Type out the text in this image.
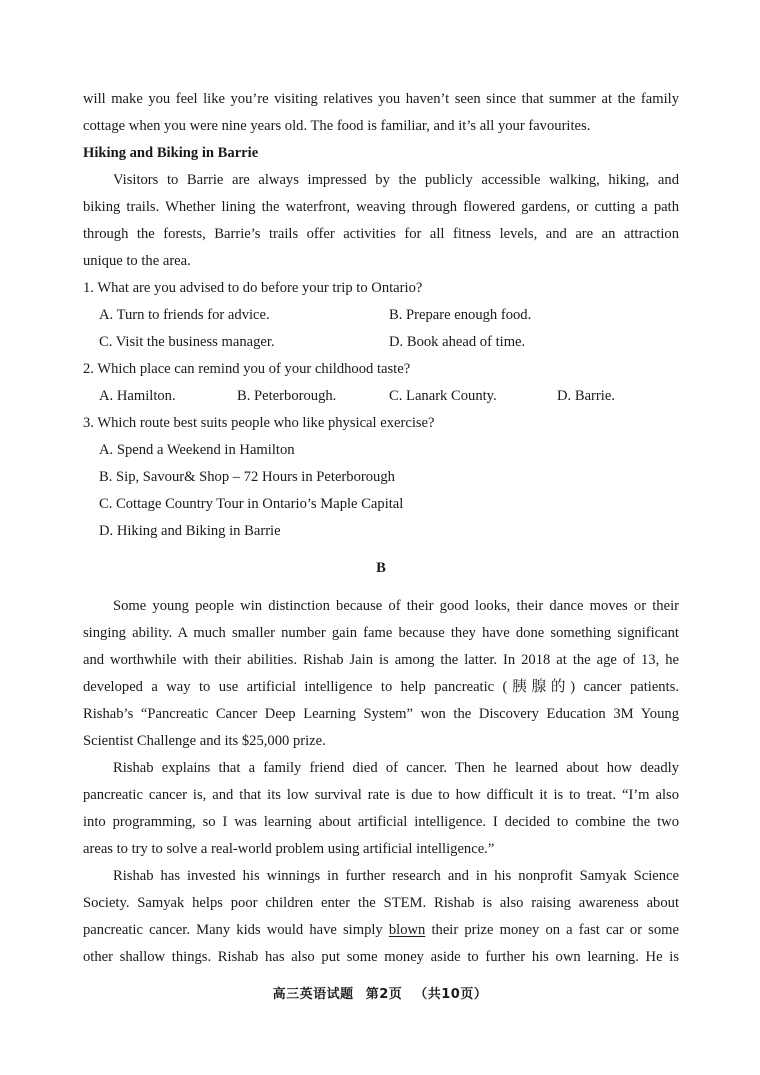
will make you feel like you’re visiting relatives you haven’t seen since that summer at the family
cottage when you were nine years old. The food is familiar, and it’s all your favourites.
Hiking and Biking in Barrie
Visitors to Barrie are always impressed by the publicly accessible walking, hiking, and
biking trails. Whether lining the waterfront, weaving through flowered gardens, or cutting a path
through the forests, Barrie’s trails offer activities for all fitness levels, and are an attraction
unique to the area.
1. What are you advised to do before your trip to Ontario?
A. Turn to friends for advice.	B. Prepare enough food.
C. Visit the business manager.	D. Book ahead of time.
2. Which place can remind you of your childhood taste?
A. Hamilton.	B. Peterborough.	C. Lanark County.	D. Barrie.
3. Which route best suits people who like physical exercise?
A. Spend a Weekend in Hamilton
B. Sip, Savour& Shop – 72 Hours in Peterborough
C. Cottage Country Tour in Ontario’s Maple Capital
D. Hiking and Biking in Barrie
B
Some young people win distinction because of their good looks, their dance moves or their
singing ability. A much smaller number gain fame because they have done something significant
and worthwhile with their abilities. Rishab Jain is among the latter. In 2018 at the age of 13, he
developed a way to use artificial intelligence to help pancreatic (胰腺的) cancer patients.
Rishab’s “Pancreatic Cancer Deep Learning System” won the Discovery Education 3M Young
Scientist Challenge and its $25,000 prize.
Rishab explains that a family friend died of cancer. Then he learned about how deadly
pancreatic cancer is, and that its low survival rate is due to how difficult it is to treat. “I’m also
into programming, so I was learning about artificial intelligence. I decided to combine the two
areas to try to solve a real-world problem using artificial intelligence.”
Rishab has invested his winnings in further research and in his nonprofit Samyak Science
Society. Samyak helps poor children enter the STEM. Rishab is also raising awareness about
pancreatic cancer. Many kids would have simply blown their prize money on a fast car or some
other shallow things. Rishab has also put some money aside to further his own learning. He is
高三英语试题 第2页 （共10页）
